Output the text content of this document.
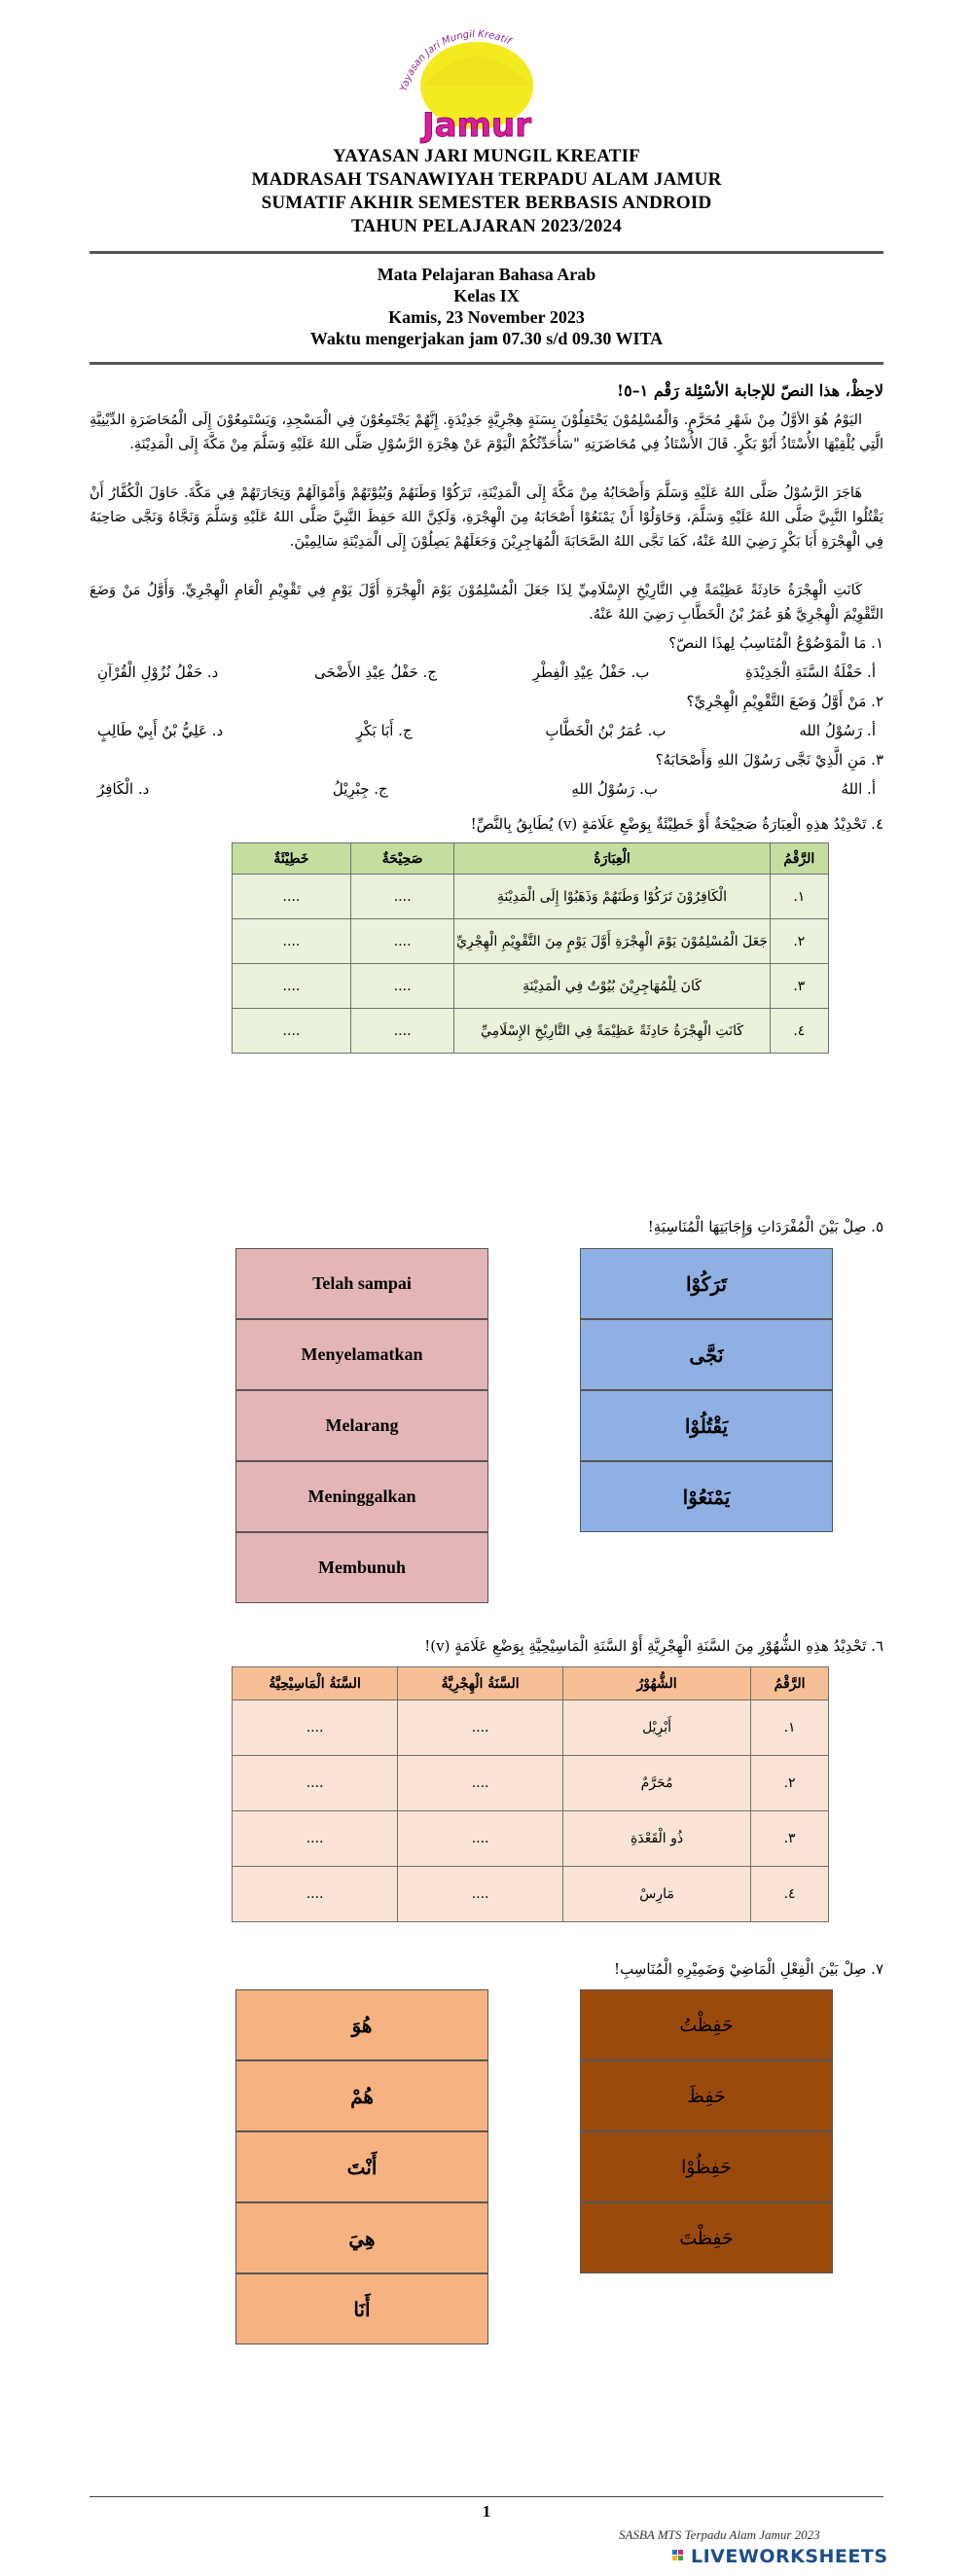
Yayasan Jari Mungil Kreatif
Jamur
YAYASAN JARI MUNGIL KREATIF
MADRASAH TSANAWIYAH TERPADU ALAM JAMUR
SUMATIF AKHIR SEMESTER BERBASIS ANDROID
TAHUN PELAJARAN 2023/2024
Mata Pelajaran Bahasa Arab
Kelas IX
Kamis, 23 November 2023
Waktu mengerjakan jam 07.30 s/d 09.30 WITA
لاحِظْ، هذا النصّ للإجابة الأسْئِلة رَقْم ١–٥!
اليَوْمُ هُوَ الأوَّلُ مِنْ شَهْرِ مُحَرَّمٍ. وَالْمُسْلِمُوْنَ يَحْتَفِلُوْنَ بِسَنَةٍ هِجْرِيَّةٍ جَدِيْدَةٍ. إِنَّهُمْ يَجْتَمِعُوْنَ فِي الْمَسْجِدِ، وَيَسْتَمِعُوْنَ إِلَى الْمُحَاضَرَةِ الدِّيْنِيَّةِ الَّتِي يُلْقِيْهَا الأُسْتَاذُ أَبُوْ بَكْرٍ. قَالَ الأُسْتَاذُ فِي مُحَاضَرَتِهِ "سَأُحَدِّثُكُمْ الْيَوْمَ عَنْ هِجْرَةِ الرَّسُوْلِ صَلَّى اللهُ عَلَيْهِ وَسَلَّمَ مِنْ مَكَّةَ إِلَى الْمَدِيْنَةِ.
هَاجَرَ الرَّسُوْلُ صَلَّى اللهُ عَلَيْهِ وَسَلَّمَ وَأَصْحَابُهُ مِنْ مَكَّةَ إِلَى الْمَدِيْنَةِ، تَرَكُوْا وَطَنَهُمْ وَبُيُوْتَهُمْ وَأَمْوَالَهُمْ وَتِجَارَتَهُمْ فِي مَكَّةَ. حَاوَلَ الْكُفَّارُ أَنْ يَقْتُلُوا النَّبِيَّ صَلَّى اللهُ عَلَيْهِ وَسَلَّمَ، وَحَاوَلُوْا أَنْ يَمْنَعُوْا أَصْحَابَهُ مِنَ الْهِجْرَةِ، وَلَكِنَّ اللهَ حَفِظَ النَّبِيَّ صَلَّى اللهُ عَلَيْهِ وَسَلَّمَ وَنَجَّاهُ وَنَجَّى صَاحِبَهُ فِي الْهِجْرَةِ أَبَا بَكْرٍ رَضِيَ اللهُ عَنْهُ، كَمَا نَجَّى اللهُ الصَّحَابَةَ الْمُهَاجِرِيْنَ وَجَعَلَهُمْ يَصِلُوْنَ إِلَى الْمَدِيْنَةِ سَالِمِيْنَ.
كَانَتِ الْهِجْرَةُ حَادِثَةً عَظِيْمَةً فِي التَّارِيْخِ الإِسْلَامِيِّ لِذَا جَعَلَ الْمُسْلِمُوْنَ يَوْمَ الْهِجْرَةِ أَوَّلَ يَوْمٍ فِي تَقْوِيْمِ الْعَامِ الْهِجْرِيِّ. وَأَوَّلُ مَنْ وَضَعَ التَّقْوِيْمَ الْهِجْرِيَّ هُوَ عُمَرُ بْنُ الْخَطَّابِ رَضِيَ اللهُ عَنْهُ.
١. مَا الْمَوْضُوْعُ الْمُنَاسِبُ لِهذَا النصّ؟
أ. حَفْلَةُ السَّنَةِ الْجَدِيْدَةِ
ب. حَفْلُ عِيْدِ الْفِطْرِ
ج. حَفْلُ عِيْدِ الأَضْحَى
د. حَفْلُ نُزُوْلِ الْقُرْآنِ
٢. مَنْ أَوَّلُ وَضَعَ التَّقْوِيْمِ الْهِجْرِيِّ؟
أ. رَسُوْلُ الله
ب. عُمَرُ بْنُ الْخَطَّابِ
ج. أَبَا بَكْرٍ
د. عَلِيُّ بْنُ أَبِيْ طَالِبٍ
٣. مَنِ الَّذِيْ نَجَّى رَسُوْلَ اللهِ وَأَصْحَابَهُ؟
أ. اللهُ
ب. رَسُوْلُ اللهِ
ج. جِبْرِيْلُ
د. الْكَافِرُ
٤. تَحْدِيْدُ هذِهِ الْعِبَارَةُ صَحِيْحَةٌ أَوْ خَطِيْئَةٌ بِوَضْعِ عَلَامَةٍ (v) يُطَابِقُ بِالنَّصِّ!
الرَّقْمُ	الْعِبَارَةُ	صَحِيْحَةٌ	خَطِيْئَةٌ
١.	الْكَافِرُوْنَ تَرَكُوْا وَطَنَهُمْ وَذَهَبُوْا إِلَى الْمَدِيْنَةِ	....	....
٢.	جَعَلَ الْمُسْلِمُوْنَ يَوْمَ الْهِجْرَةِ أَوَّلَ يَوْمٍ مِنَ التَّقْوِيْمِ الْهِجْرِيِّ	....	....
٣.	كَانَ لِلْمُهَاجِرِيْنَ بُيُوْتٌ فِي الْمَدِيْنَةِ	....	....
٤.	كَانَتِ الْهِجْرَةُ حَادِثَةً عَظِيْمَةً فِي التَّارِيْخِ الإِسْلَامِيِّ	....	....
٥. صِلْ بَيْنَ الْمُفْرَدَاتِ وَإِجَابَتِهَا الْمُنَاسِبَةِ!
Telah sampai
Menyelamatkan
Melarang
Meninggalkan
Membunuh
تَرَكُوْا
نَجَّى
يَقْتُلُوْا
يَمْنَعُوْا
٦. تَحْدِيْدُ هذِهِ الشُّهُوْرِ مِنَ السَّنَةِ الْهِجْرِيَّةِ أَوْ السَّنَةِ الْمَاسِيْحِيَّةِ بِوَضْعِ عَلَامَةٍ (v)!
الرَّقْمُ	الشُّهُوْرُ	السَّنَةُ الْهِجْرِيَّةُ	السَّنَةُ الْمَاسِيْحِيَّةُ
١.	أَبْرِيْل	....	....
٢.	مُحَرَّمٌ	....	....
٣.	ذُو الْقَعْدَةِ	....	....
٤.	مَارِسْ	....	....
٧. صِلْ بَيْنَ الْفِعْلِ الْمَاضِيْ وَضَمِيْرِهِ الْمُنَاسِبِ!
هُوَ
هُمْ
أَنْتَ
هِيَ
أَنَا
حَفِظْتُ
حَفِظَ
حَفِظُوْا
حَفِظْتَ
1
SASBA MTS Terpadu Alam Jamur 2023
LIVEWORKSHEETS
